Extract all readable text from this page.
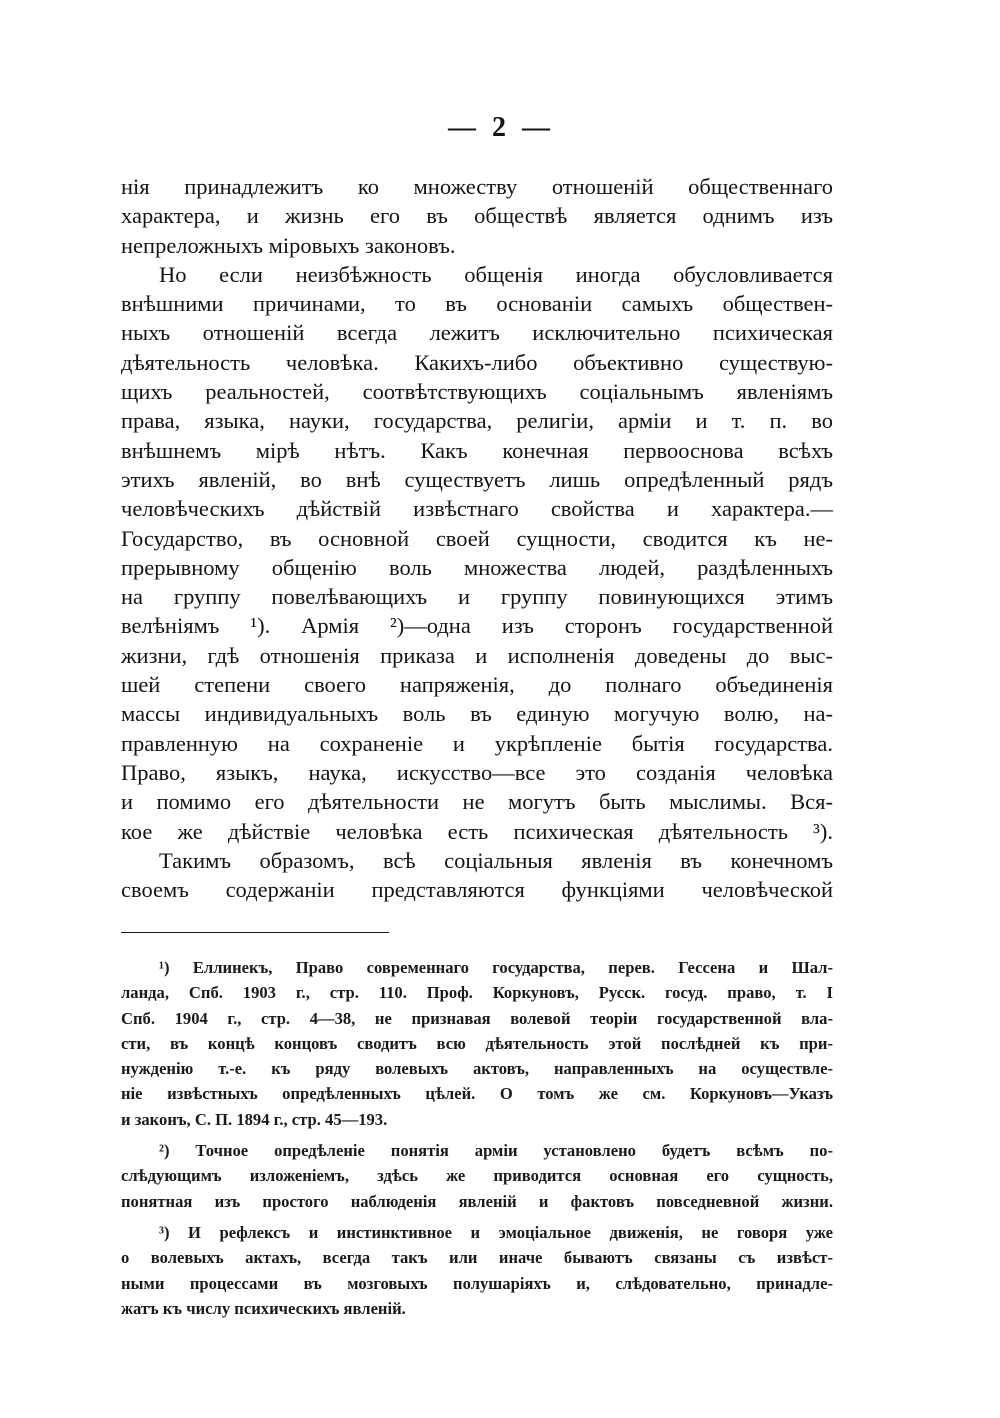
— 2 —
нія принадлежитъ ко множеству отношеній общественнаго
характера, и жизнь его въ обществѣ является однимъ изъ
непреложныхъ міровыхъ законовъ.
Но если неизбѣжность общенія иногда обусловливается
внѣшними причинами, то въ основаніи самыхъ обществен-
ныхъ отношеній всегда лежитъ исключительно психическая
дѣятельность человѣка. Какихъ-либо объективно существую-
щихъ реальностей, соотвѣтствующихъ соціальнымъ явленіямъ
права, языка, науки, государства, религіи, арміи и т. п. во
внѣшнемъ мірѣ нѣтъ. Какъ конечная первооснова всѣхъ
этихъ явленій, во внѣ существуетъ лишь опредѣленный рядъ
человѣческихъ дѣйствій извѣстнаго свойства и характера.—
Государство, въ основной своей сущности, сводится къ не-
прерывному общенію воль множества людей, раздѣленныхъ
на группу повелѣвающихъ и группу повинующихся этимъ
велѣніямъ ¹). Армія ²)—одна изъ сторонъ государственной
жизни, гдѣ отношенія приказа и исполненія доведены до выс-
шей степени своего напряженія, до полнаго объединенія
массы индивидуальныхъ воль въ единую могучую волю, на-
правленную на сохраненіе и укрѣпленіе бытія государства.
Право, языкъ, наука, искусство—все это созданія человѣка
и помимо его дѣятельности не могутъ быть мыслимы. Вся-
кое же дѣйствіе человѣка есть психическая дѣятельность ³).
Такимъ образомъ, всѣ соціальныя явленія въ конечномъ
своемъ содержаніи представляются функціями человѣческой
¹) Еллинекъ, Право современнаго государства, перев. Гессена и Шал-
ланда, Спб. 1903 г., стр. 110. Проф. Коркуновъ, Русск. госуд. право, т. I
Спб. 1904 г., стр. 4—38, не признавая волевой теоріи государственной вла-
сти, въ концѣ концовъ сводитъ всю дѣятельность этой послѣдней къ при-
нужденію т.-е. къ ряду волевыхъ актовъ, направленныхъ на осуществле-
ніе извѣстныхъ опредѣленныхъ цѣлей. О томъ же см. Коркуновъ—Указъ
и законъ, С. П. 1894 г., стр. 45—193.
²) Точное опредѣленіе понятія арміи установлено будетъ всѣмъ по-
слѣдующимъ изложеніемъ, здѣсь же приводится основная его сущность,
понятная изъ простого наблюденія явленій и фактовъ повседневной жизни.
³) И рефлексъ и инстинктивное и эмоціальное движенія, не говоря уже
о волевыхъ актахъ, всегда такъ или иначе бываютъ связаны съ извѣст-
ными процессами въ мозговыхъ полушаріяхъ и, слѣдовательно, принадле-
жатъ къ числу психическихъ явленій.
